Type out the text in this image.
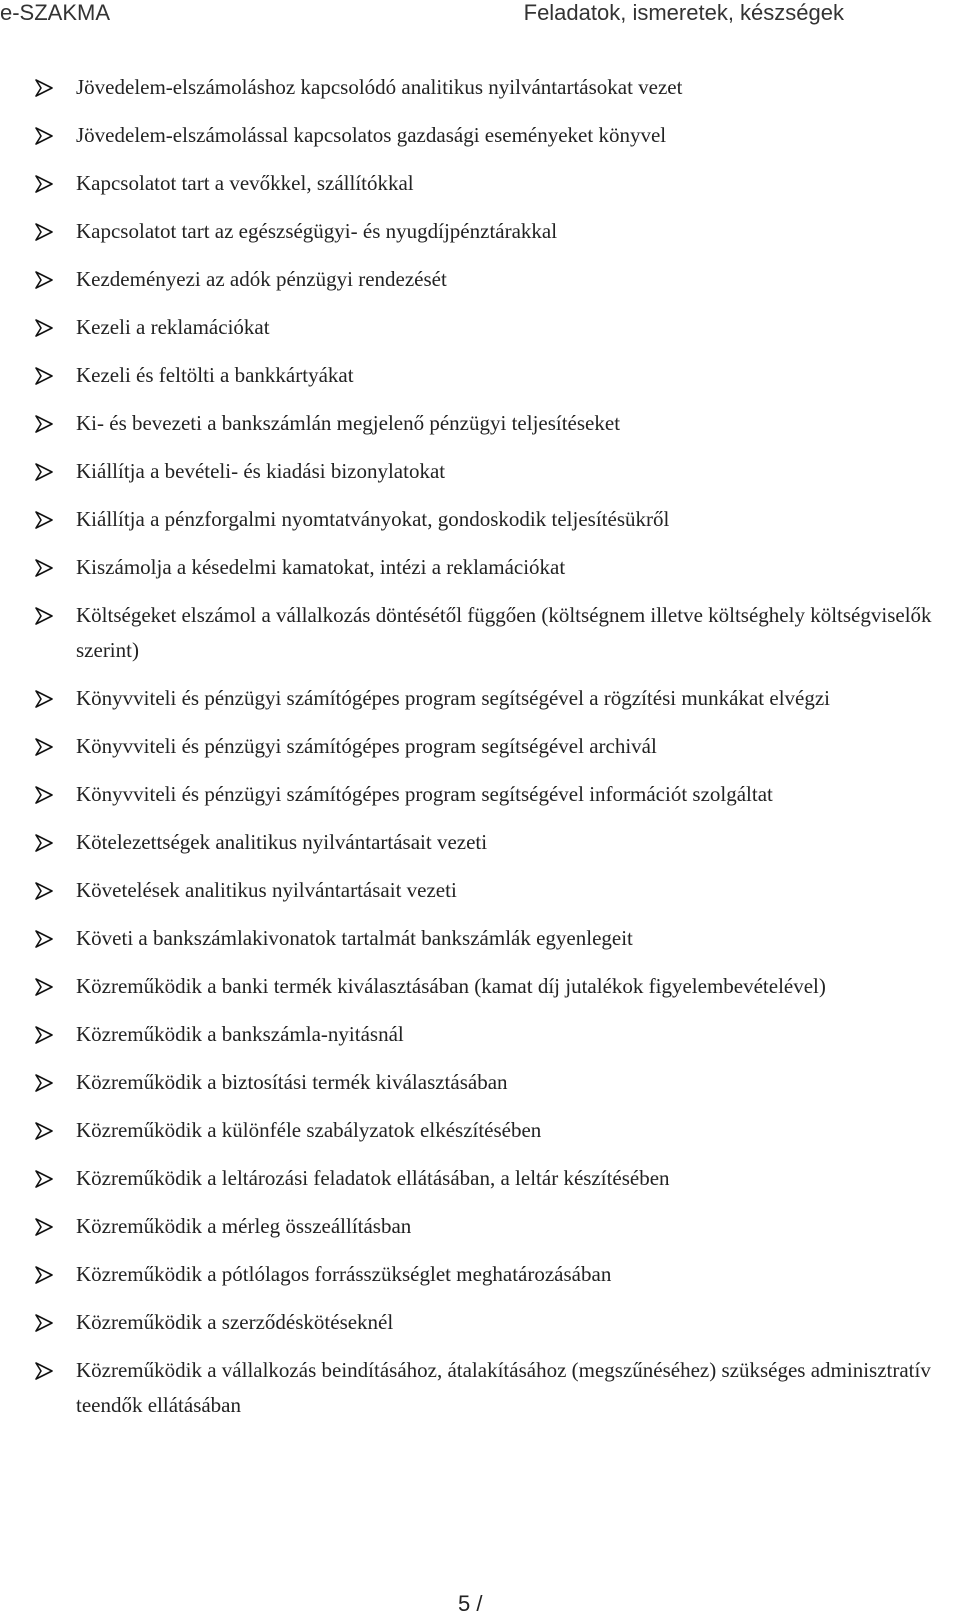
e-SZAKMA	Feladatok, ismeretek, készségek
Jövedelem-elszámoláshoz kapcsolódó analitikus nyilvántartásokat vezet
Jövedelem-elszámolással kapcsolatos gazdasági eseményeket könyvel
Kapcsolatot tart a vevőkkel, szállítókkal
Kapcsolatot tart az egészségügyi- és nyugdíjpénztárakkal
Kezdeményezi az adók pénzügyi rendezését
Kezeli a reklamációkat
Kezeli és feltölti a bankkártyákat
Ki- és bevezeti a bankszámlán megjelenő pénzügyi teljesítéseket
Kiállítja a bevételi- és kiadási bizonylatokat
Kiállítja a pénzforgalmi nyomtatványokat, gondoskodik teljesítésükről
Kiszámolja a késedelmi kamatokat, intézi a reklamációkat
Költségeket elszámol a vállalkozás döntésétől függően (költségnem illetve költséghely költségviselők szerint)
Könyvviteli és pénzügyi számítógépes program segítségével a rögzítési munkákat elvégzi
Könyvviteli és pénzügyi számítógépes program segítségével archivál
Könyvviteli és pénzügyi számítógépes program segítségével információt szolgáltat
Kötelezettségek analitikus nyilvántartásait vezeti
Követelések analitikus nyilvántartásait vezeti
Követi a bankszámlakivonatok tartalmát bankszámlák egyenlegeit
Közreműködik a banki termék kiválasztásában (kamat díj jutalékok figyelembevételével)
Közreműködik a bankszámla-nyitásnál
Közreműködik a biztosítási termék kiválasztásában
Közreműködik a különféle szabályzatok elkészítésében
Közreműködik a leltározási feladatok ellátásában, a leltár készítésében
Közreműködik a mérleg összeállításban
Közreműködik a pótlólagos forrásszükséglet meghatározásában
Közreműködik a szerződéskötéseknél
Közreműködik a vállalkozás beindításához, átalakításához (megszűnéséhez) szükséges adminisztratív teendők ellátásában
5 /
